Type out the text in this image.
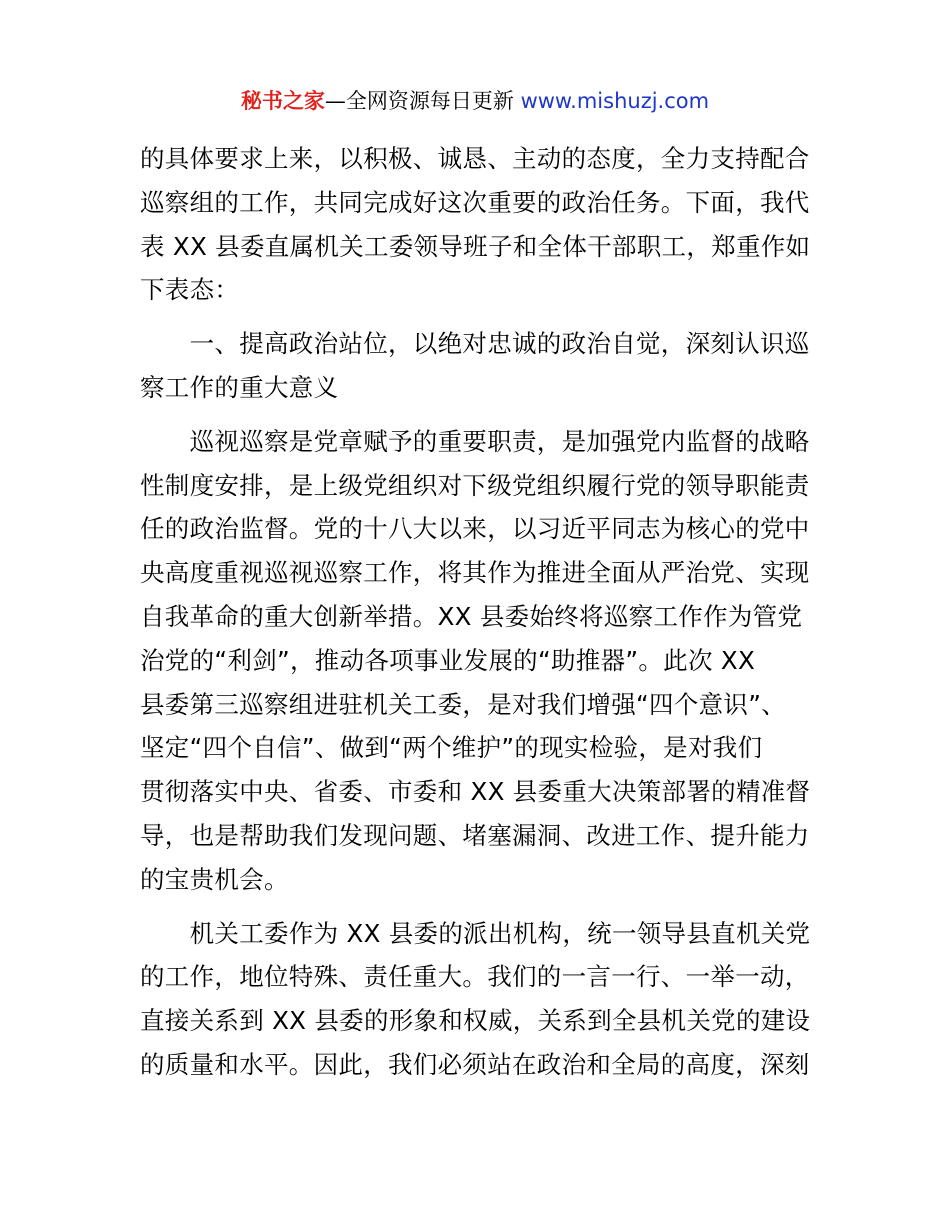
秘书之家—全网资源每日更新 www.mishuzj.com
的具体要求上来，以积极、诚恳、主动的态度，全力支持配合
巡察组的工作，共同完成好这次重要的政治任务。下面，我代
表 XX 县委直属机关工委领导班子和全体干部职工，郑重作如
下表态：
　　一、提高政治站位，以绝对忠诚的政治自觉，深刻认识巡
察工作的重大意义
　　巡视巡察是党章赋予的重要职责，是加强党内监督的战略
性制度安排，是上级党组织对下级党组织履行党的领导职能责
任的政治监督。党的十八大以来，以习近平同志为核心的党中
央高度重视巡视巡察工作，将其作为推进全面从严治党、实现
自我革命的重大创新举措。XX 县委始终将巡察工作作为管党
治党的“利剑”，推动各项事业发展的“助推器”。此次 XX
县委第三巡察组进驻机关工委，是对我们增强“四个意识”、
坚定“四个自信”、做到“两个维护”的现实检验，是对我们
贯彻落实中央、省委、市委和 XX 县委重大决策部署的精准督
导，也是帮助我们发现问题、堵塞漏洞、改进工作、提升能力
的宝贵机会。
　　机关工委作为 XX 县委的派出机构，统一领导县直机关党
的工作，地位特殊、责任重大。我们的一言一行、一举一动，
直接关系到 XX 县委的形象和权威，关系到全县机关党的建设
的质量和水平。因此，我们必须站在政治和全局的高度，深刻
